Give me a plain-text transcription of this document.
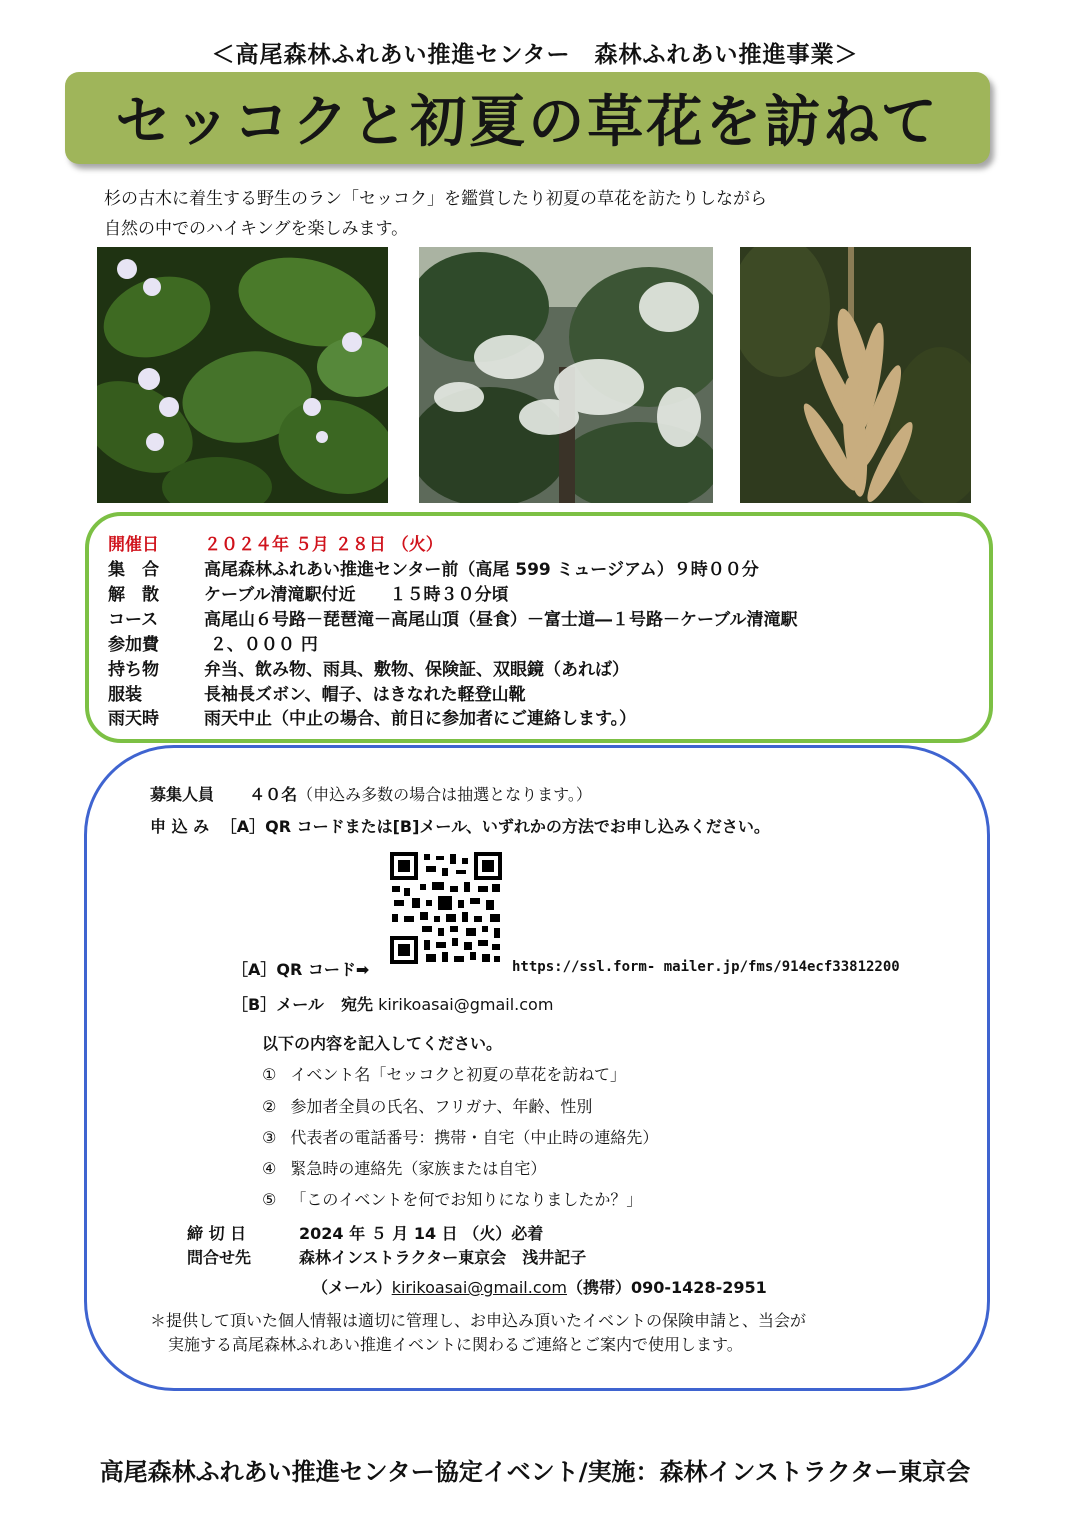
＜高尾森林ふれあい推進センター　森林ふれあい推進事業＞
セッコクと初夏の草花を訪ねて
杉の古木に着生する野生のラン「セッコク」を鑑賞したり初夏の草花を訪たりしながら
自然の中でのハイキングを楽しみます。
開催日	２０２４年 ５月 ２８日 （火）
集　合	高尾森林ふれあい推進センター前（高尾 599 ミュージアム）９時００分
解　散	ケーブル清滝駅付近　　１５時３０分頃
コース	高尾山６号路－琵琶滝－高尾山頂（昼食）－富士道―１号路－ケーブル清滝駅
参加費	２、０００ 円
持ち物	弁当、飲み物、雨具、敷物、保険証、双眼鏡（あれば）
服装	長袖長ズボン、帽子、はきなれた軽登山靴
雨天時	雨天中止（中止の場合、前日に参加者にご連絡します。）
募集人員 ４０名（申込み多数の場合は抽選となります。）
申 込 み ［A］QR コードまたは[B]メール、いずれかの方法でお申し込みください。
［A］QR コード➡	https://ssl.form- mailer.jp/fms/914ecf33812200
［B］メール 宛先 kirikoasai@gmail.com
以下の内容を記入してください。
① イベント名「セッコクと初夏の草花を訪ねて」
② 参加者全員の氏名、フリガナ、年齢、性別
③ 代表者の電話番号：携帯・自宅（中止時の連絡先）
④ 緊急時の連絡先（家族または自宅）
⑤ 「このイベントを何でお知りになりましたか？」
締 切 日	2024 年 ５ 月 14 日 （火）必着
問合せ先	森林インストラクター東京会　浅井記子
（メール）kirikoasai@gmail.com（携帯）090-1428-2951
＊提供して頂いた個人情報は適切に管理し、お申込み頂いたイベントの保険申請と、当会が
実施する高尾森林ふれあい推進イベントに関わるご連絡とご案内で使用します。
高尾森林ふれあい推進センター協定イベント/実施：森林インストラクター東京会
